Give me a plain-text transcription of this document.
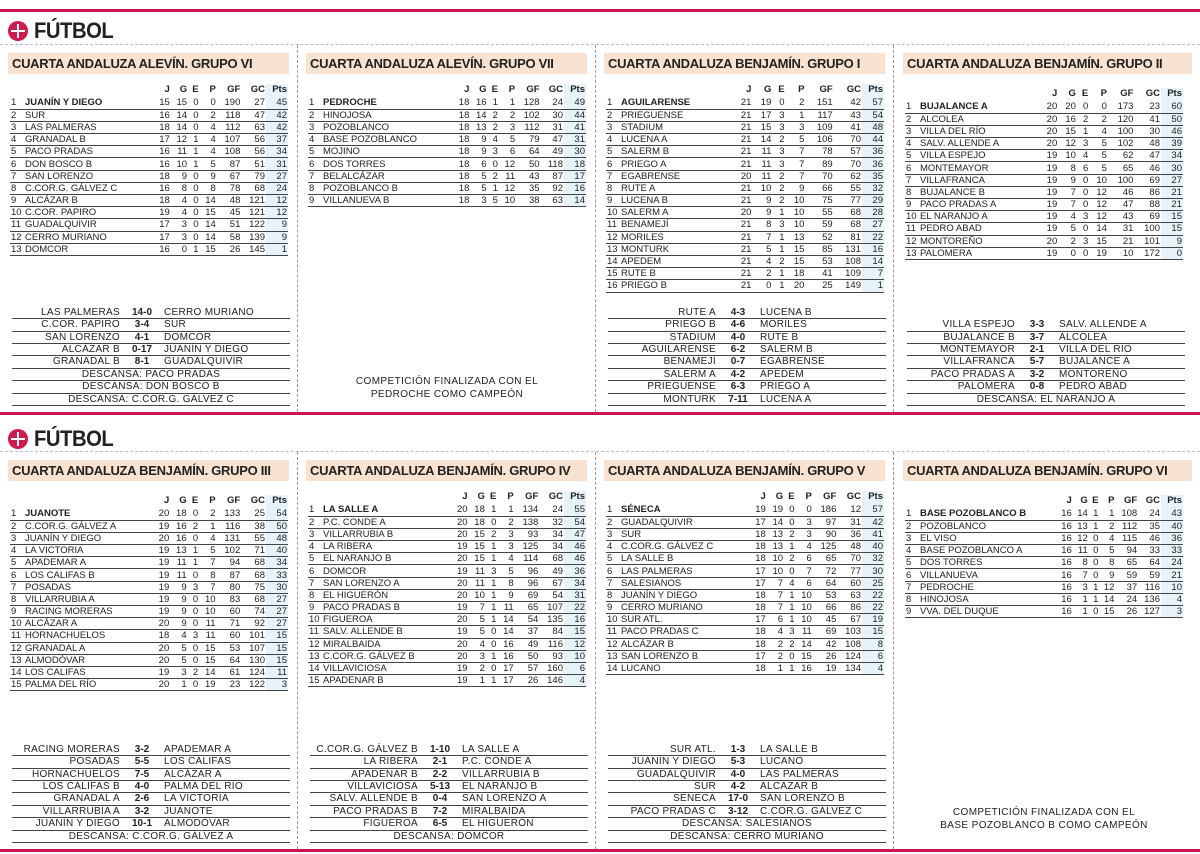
FÚTBOL
CUARTA ANDALUZA ALEVÍN. GRUPO VI
		J	G	E	P	GF	GC	Pts
1	JUANÍN Y DIEGO	15	15	0	0	190	27	45
2	SUR	16	14	0	2	118	47	42
3	LAS PALMERAS	18	14	0	4	112	63	42
4	GRANADAL B	17	12	1	4	107	56	37
5	PACO PRADAS	16	11	1	4	108	56	34
6	DON BOSCO B	16	10	1	5	87	51	31
7	SAN LORENZO	18	9	0	9	67	79	27
8	C.COR.G. GÁLVEZ C	16	8	0	8	78	68	24
9	ALCÁZAR B	18	4	0	14	48	121	12
10	C.COR. PAPIRO	19	4	0	15	45	121	12
11	GUADALQUIVIR	17	3	0	14	51	122	9
12	CERRO MURIANO	17	3	0	14	58	139	9
13	DOMCOR	16	0	1	15	26	145	1
LAS PALMERAS	14-0	CERRO MURIANO
C.COR. PAPIRO	3-4	SUR
SAN LORENZO	4-1	DOMCOR
ALCÁZAR B	0-17	JUANÍN Y DIEGO
GRANADAL B	8-1	GUADALQUIVIR
DESCANSA: PACO PRADAS
DESCANSA: DON BOSCO B
DESCANSA: C.COR.G. GÁLVEZ C
CUARTA ANDALUZA ALEVÍN. GRUPO VII
		J	G	E	P	GF	GC	Pts
1	PEDROCHE	18	16	1	1	128	24	49
2	HINOJOSA	18	14	2	2	102	30	44
3	POZOBLANCO	18	13	2	3	112	31	41
4	BASE POZOBLANCO	18	9	4	5	79	47	31
5	MOJINO	18	9	3	6	64	49	30
6	DOS TORRES	18	6	0	12	50	118	18
7	BELALCÁZAR	18	5	2	11	43	87	17
8	POZOBLANCO B	18	5	1	12	35	92	16
9	VILLANUEVA B	18	3	5	10	38	63	14
COMPETICIÓN FINALIZADA CON EL
PEDROCHE COMO CAMPEÓN
CUARTA ANDALUZA BENJAMÍN. GRUPO I
		J	G	E	P	GF	GC	Pts
1	AGUILARENSE	21	19	0	2	151	42	57
2	PRIEGUENSE	21	17	3	1	117	43	54
3	STADIUM	21	15	3	3	109	41	48
4	LUCENA A	21	14	2	5	106	70	44
5	SALERM B	21	11	3	7	78	57	36
6	PRIEGO A	21	11	3	7	89	70	36
7	EGABRENSE	20	11	2	7	70	62	35
8	RUTE A	21	10	2	9	66	55	32
9	LUCENA B	21	9	2	10	75	77	29
10	SALERM A	20	9	1	10	55	68	28
11	BENAMEJÍ	21	8	3	10	59	68	27
12	MORILES	21	7	1	13	52	81	22
13	MONTURK	21	5	1	15	85	131	16
14	APEDEM	21	4	2	15	53	108	14
15	RUTE B	21	2	1	18	41	109	7
16	PRIEGO B	21	0	1	20	25	149	1
RUTE A	4-3	LUCENA B
PRIEGO B	4-6	MORILES
STADIUM	4-0	RUTE B
AGUILARENSE	6-2	SALERM B
BENAMEJÍ	0-7	EGABRENSE
SALERM A	4-2	APEDEM
PRIEGUENSE	6-3	PRIEGO A
MONTURK	7-11	LUCENA A
CUARTA ANDALUZA BENJAMÍN. GRUPO II
		J	G	E	P	GF	GC	Pts
1	BUJALANCE A	20	20	0	0	173	23	60
2	ALCOLEA	20	16	2	2	120	41	50
3	VILLA DEL RÍO	20	15	1	4	100	30	46
4	SALV. ALLENDE A	20	12	3	5	102	48	39
5	VILLA ESPEJO	19	10	4	5	62	47	34
6	MONTEMAYOR	19	8	6	5	65	46	30
7	VILLAFRANCA	19	9	0	10	100	69	27
8	BUJALANCE B	19	7	0	12	46	86	21
9	PACO PRADAS A	19	7	0	12	47	88	21
10	EL NARANJO A	19	4	3	12	43	69	15
11	PEDRO ABAD	19	5	0	14	31	100	15
12	MONTOREÑO	20	2	3	15	21	101	9
13	PALOMERA	19	0	0	19	10	172	0
VILLA ESPEJO	3-3	SALV. ALLENDE A
BUJALANCE B	3-7	ALCOLEA
MONTEMAYOR	2-1	VILLA DEL RÍO
VILLAFRANCA	5-7	BUJALANCE A
PACO PRADAS A	3-2	MONTOREÑO
PALOMERA	0-8	PEDRO ABAD
DESCANSA: EL NARANJO A
FÚTBOL
CUARTA ANDALUZA BENJAMÍN. GRUPO III
		J	G	E	P	GF	GC	Pts
1	JUANOTE	20	18	0	2	133	25	54
2	C.COR.G. GÁLVEZ A	19	16	2	1	116	38	50
3	JUANÍN Y DIEGO	20	16	0	4	131	55	48
4	LA VICTORIA	19	13	1	5	102	71	40
5	APADEMAR A	19	11	1	7	94	68	34
6	LOS CALIFAS B	19	11	0	8	87	68	33
7	POSADAS	19	9	3	7	80	75	30
8	VILLARRUBIA A	19	9	0	10	83	68	27
9	RACING MORERAS	19	9	0	10	60	74	27
10	ALCÁZAR A	20	9	0	11	71	92	27
11	HORNACHUELOS	18	4	3	11	60	101	15
12	GRANADAL A	20	5	0	15	53	107	15
13	ALMODÓVAR	20	5	0	15	64	130	15
14	LOS CALIFAS	19	3	2	14	61	124	11
15	PALMA DEL RÍO	20	1	0	19	23	122	3
RACING MORERAS	3-2	APADEMAR A
POSADAS	5-5	LOS CALIFAS
HORNACHUELOS	7-5	ALCÁZAR A
LOS CALIFAS B	4-0	PALMA DEL RÍO
GRANADAL A	2-6	LA VICTORIA
VILLARRUBIA A	3-2	JUANOTE
JUANÍN Y DIEGO	10-1	ALMODÓVAR
DESCANSA: C.COR.G. GÁLVEZ A
CUARTA ANDALUZA BENJAMÍN. GRUPO IV
		J	G	E	P	GF	GC	Pts
1	LA SALLE A	20	18	1	1	134	24	55
2	P.C. CONDE A	20	18	0	2	138	32	54
3	VILLARRUBIA B	20	15	2	3	93	34	47
4	LA RIBERA	19	15	1	3	125	34	46
5	EL NARANJO B	20	15	1	4	114	68	46
6	DOMCOR	19	11	3	5	96	49	36
7	SAN LORENZO A	20	11	1	8	96	67	34
8	EL HIGUERÓN	20	10	1	9	69	54	31
9	PACO PRADAS B	19	7	1	11	65	107	22
10	FIGUEROA	20	5	1	14	54	135	16
11	SALV. ALLENDE B	19	5	0	14	37	84	15
12	MIRALBAIDA	20	4	0	16	49	116	12
13	C.COR.G. GÁLVEZ B	20	3	1	16	50	93	10
14	VILLAVICIOSA	19	2	0	17	57	160	6
15	APADENAR B	19	1	1	17	26	146	4
C.COR.G. GÁLVEZ B	1-10	LA SALLE A
LA RIBERA	2-1	P.C. CONDE A
APADENAR B	2-2	VILLARRUBIA B
VILLAVICIOSA	5-13	EL NARANJO B
SALV. ALLENDE B	0-4	SAN LORENZO A
PACO PRADAS B	7-2	MIRALBAIDA
FIGUEROA	6-5	EL HIGUERÓN
DESCANSA: DOMCOR
CUARTA ANDALUZA BENJAMÍN. GRUPO V
		J	G	E	P	GF	GC	Pts
1	SÉNECA	19	19	0	0	186	12	57
2	GUADALQUIVIR	17	14	0	3	97	31	42
3	SUR	18	13	2	3	90	36	41
4	C.COR.G. GÁLVEZ C	18	13	1	4	125	48	40
5	LA SALLE B	18	10	2	6	65	70	32
6	LAS PALMERAS	17	10	0	7	72	77	30
7	SALESIANOS	17	7	4	6	64	60	25
8	JUANÍN Y DIEGO	18	7	1	10	53	63	22
9	CERRO MURIANO	18	7	1	10	66	86	22
10	SUR ATL.	17	6	1	10	45	67	19
11	PACO PRADAS C	18	4	3	11	69	103	15
12	ALCÁZAR B	18	2	2	14	42	108	8
13	SAN LORENZO B	17	2	0	15	26	124	6
14	LUCANO	18	1	1	16	19	134	4
SUR ATL.	1-3	LA SALLE B
JUANÍN Y DIEGO	5-3	LUCANO
GUADALQUIVIR	4-0	LAS PALMERAS
SUR	4-2	ALCÁZAR B
SÉNECA	17-0	SAN LORENZO B
PACO PRADAS C	3-12	C.COR.G. GÁLVEZ C
DESCANSA: SALESIANOS
DESCANSA: CERRO MURIANO
CUARTA ANDALUZA BENJAMÍN. GRUPO VI
		J	G	E	P	GF	GC	Pts
1	BASE POZOBLANCO B	16	14	1	1	108	24	43
2	POZOBLANCO	16	13	1	2	112	35	40
3	EL VISO	16	12	0	4	115	46	36
4	BASE POZOBLANCO A	16	11	0	5	94	33	33
5	DOS TORRES	16	8	0	8	65	64	24
6	VILLANUEVA	16	7	0	9	59	59	21
7	PEDROCHE	16	3	1	12	37	116	10
8	HINOJOSA	16	1	1	14	24	136	4
9	VVA. DEL DUQUE	16	1	0	15	26	127	3
COMPETICIÓN FINALIZADA CON EL
BASE POZOBLANCO B COMO CAMPEÓN
